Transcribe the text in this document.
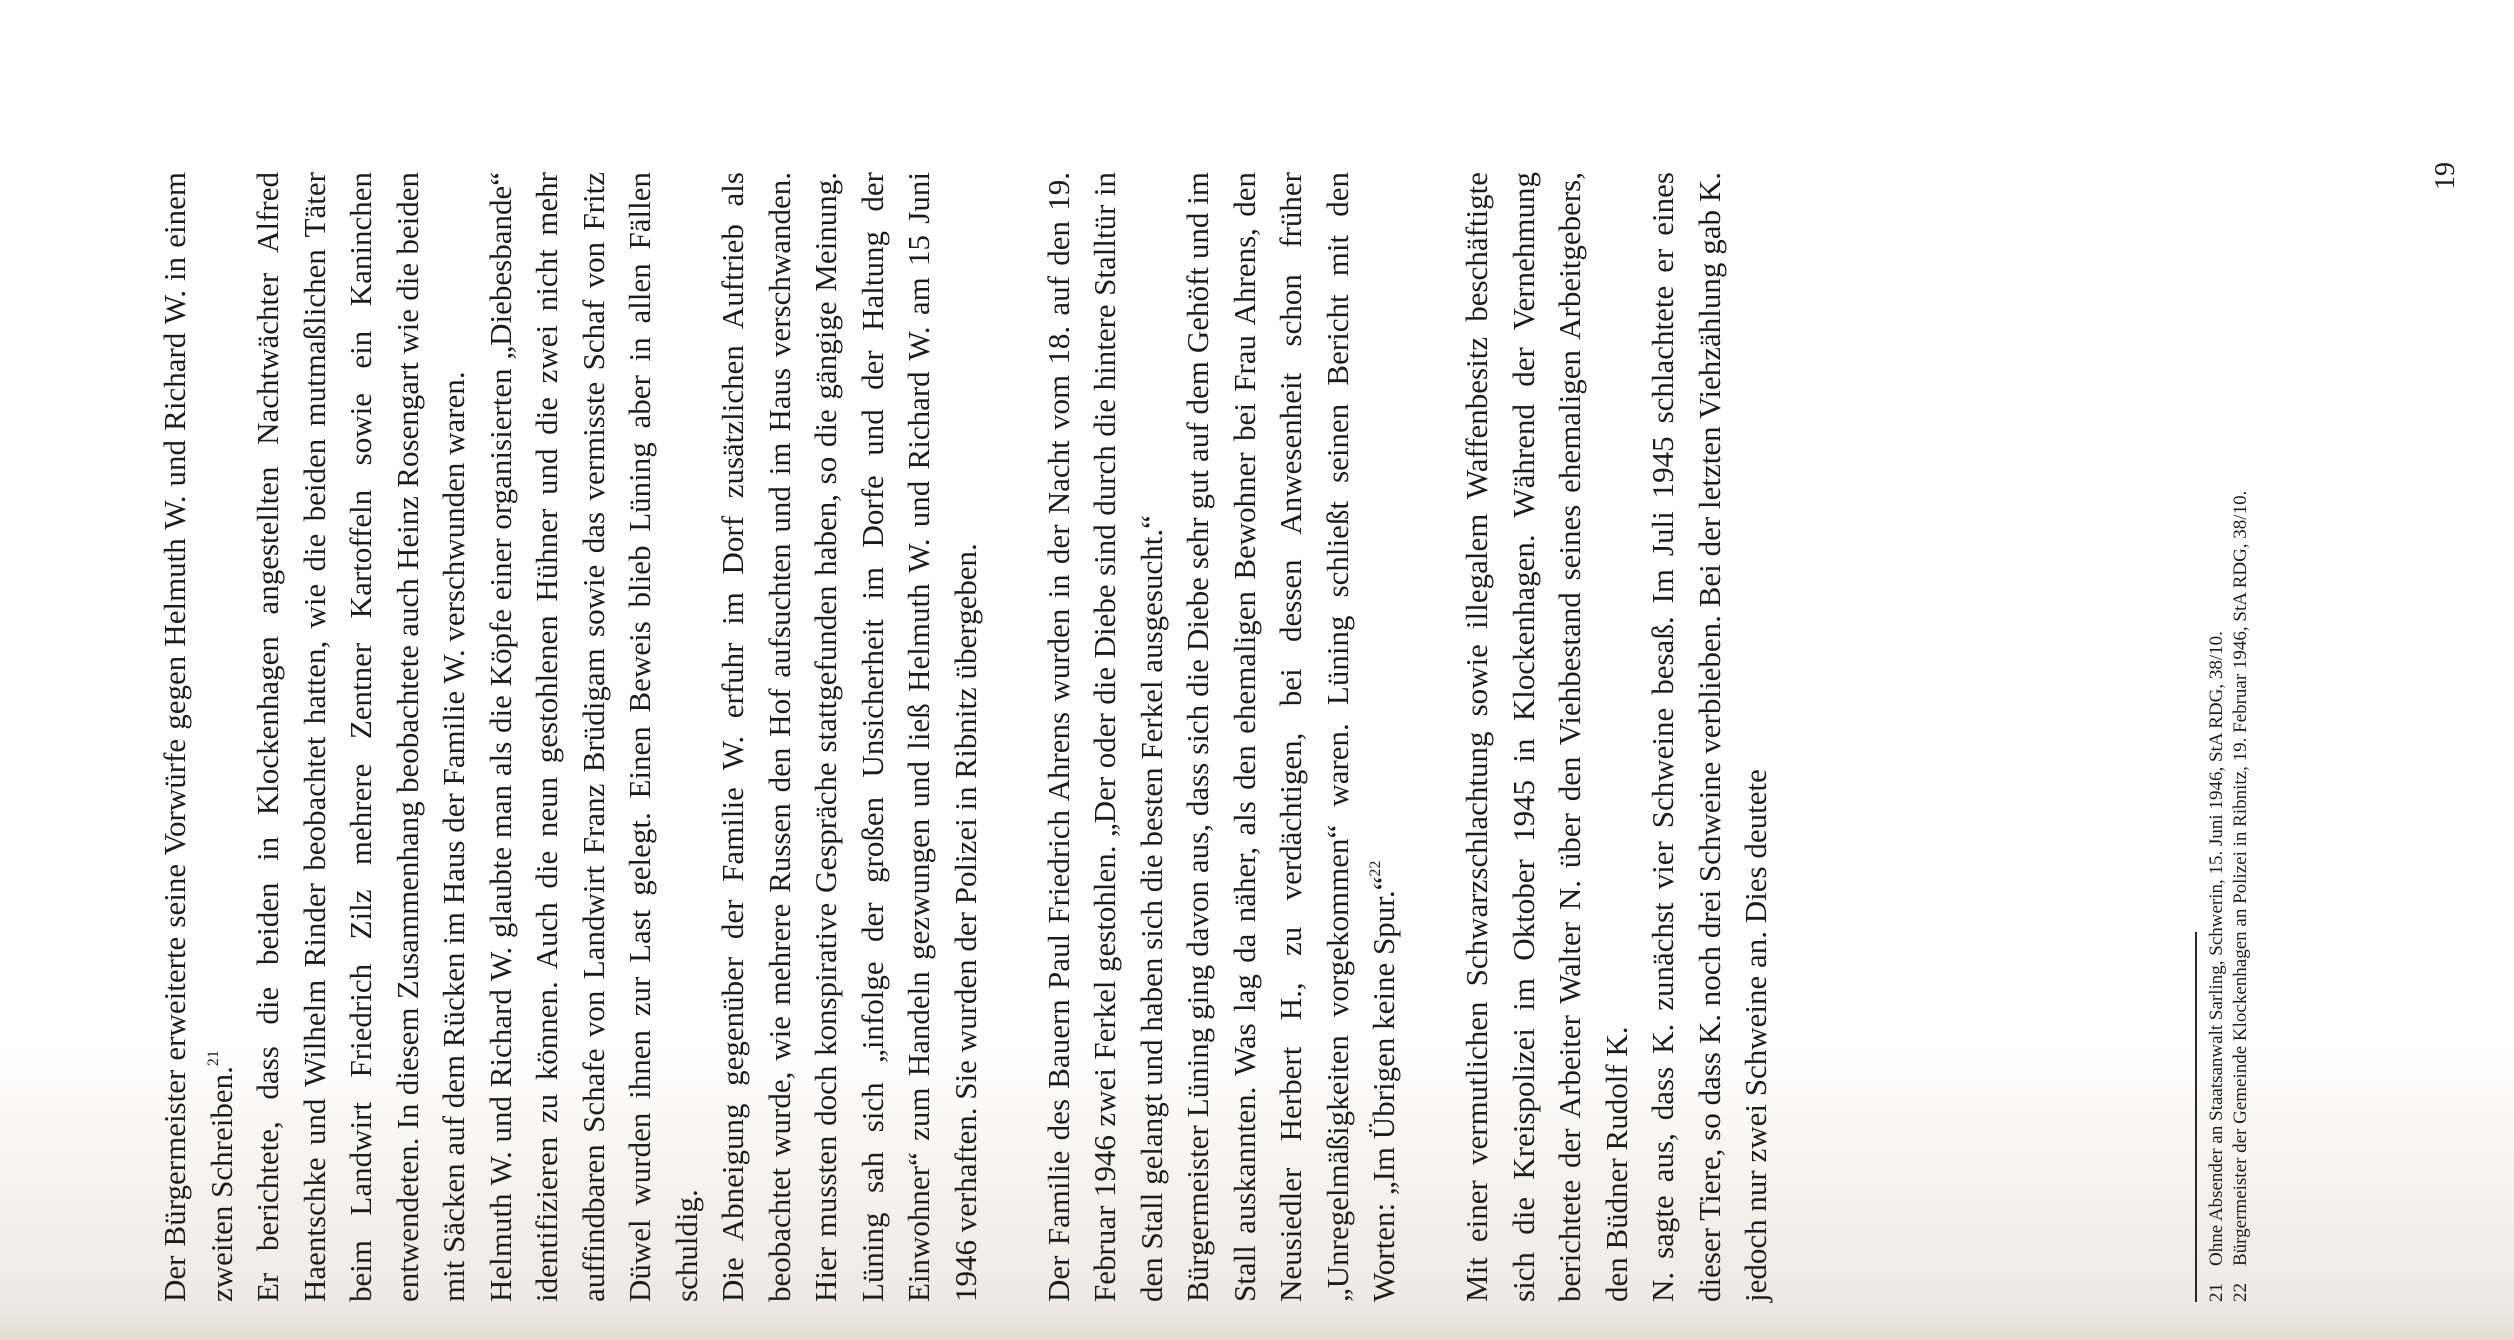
Der Bürgermeister erweiterte seine Vorwürfe gegen Helmuth W. und Richard W. in einem zweiten Schreiben.$^{21}$ Er berichtete, dass die beiden in Klockenhagen angestellten Nachtwächter Alfred Haentschke und Wilhelm Rinder beobachtet hatten, wie die beiden mutmaßlichen Täter beim Landwirt Friedrich Zilz mehrere Zentner Kartoffeln sowie ein Kaninchen entwendeten. In diesem Zusammenhang beobachtete auch Heinz Rosengart wie die beiden mit Säcken auf dem Rücken im Haus der Familie W. verschwunden waren. Helmuth W. und Richard W. glaubte man als die Köpfe einer organisierten „Diebesbande“ identifizieren zu können. Auch die neun gestohlenen Hühner und die zwei nicht mehr auffindbaren Schafe von Landwirt Franz Brüdigam sowie das vermisste Schaf von Fritz Düwel wurden ihnen zur Last gelegt. Einen Beweis blieb Lüning aber in allen Fällen schuldig. Die Abneigung gegenüber der Familie W. erfuhr im Dorf zusätzlichen Auftrieb als beobachtet wurde, wie mehrere Russen den Hof aufsuchten und im Haus verschwanden. Hier mussten doch konspirative Gespräche stattgefunden haben, so die gängige Meinung. Lüning sah sich „infolge der großen Unsicherheit im Dorfe und der Haltung der Einwohner“ zum Handeln gezwungen und ließ Helmuth W. und Richard W. am 15 Juni 1946 verhaften. Sie wurden der Polizei in Ribnitz übergeben. Der Familie des Bauern Paul Friedrich Ahrens wurden in der Nacht vom 18. auf den 19. Februar 1946 zwei Ferkel gestohlen. „Der oder die Diebe sind durch die hintere Stalltür in den Stall gelangt und haben sich die besten Ferkel ausgesucht.“ Bürgermeister Lüning ging davon aus, dass sich die Diebe sehr gut auf dem Gehöft und im Stall auskannten. Was lag da näher, als den ehemaligen Bewohner bei Frau Ahrens, den Neusiedler Herbert H., zu verdächtigen, bei dessen Anwesenheit schon früher „Unregelmäßigkeiten vorgekommen“ waren. Lüning schließt seinen Bericht mit den Worten: „Im Übrigen keine Spur.“$^{22}$	Mit einer vermutlichen Schwarzschlachtung sowie illegalem Waffenbesitz beschäftigte sich die Kreispolizei im Oktober 1945 in Klockenhagen. Während der Vernehmung berichtete der Arbeiter Walter N. über den Viehbestand seines ehemaligen Arbeitgebers, den Büdner Rudolf K. N. sagte aus, dass K. zunächst vier Schweine besaß. Im Juli 1945 schlachtete er eines dieser Tiere, so dass K. noch drei Schweine verblieben. Bei der letzten Viehzählung gab K. jedoch nur zwei Schweine an. Dies deutete	21
Ohne Absender an Staatsanwalt Sarling, Schwerin, 15. Juni 1946, StA RDG, 38/10.
22
Bürgermeister der Gemeinde Klockenhagen an Polizei in Ribnitz, 19. Februar 1946, StA RDG, 38/10.
19
